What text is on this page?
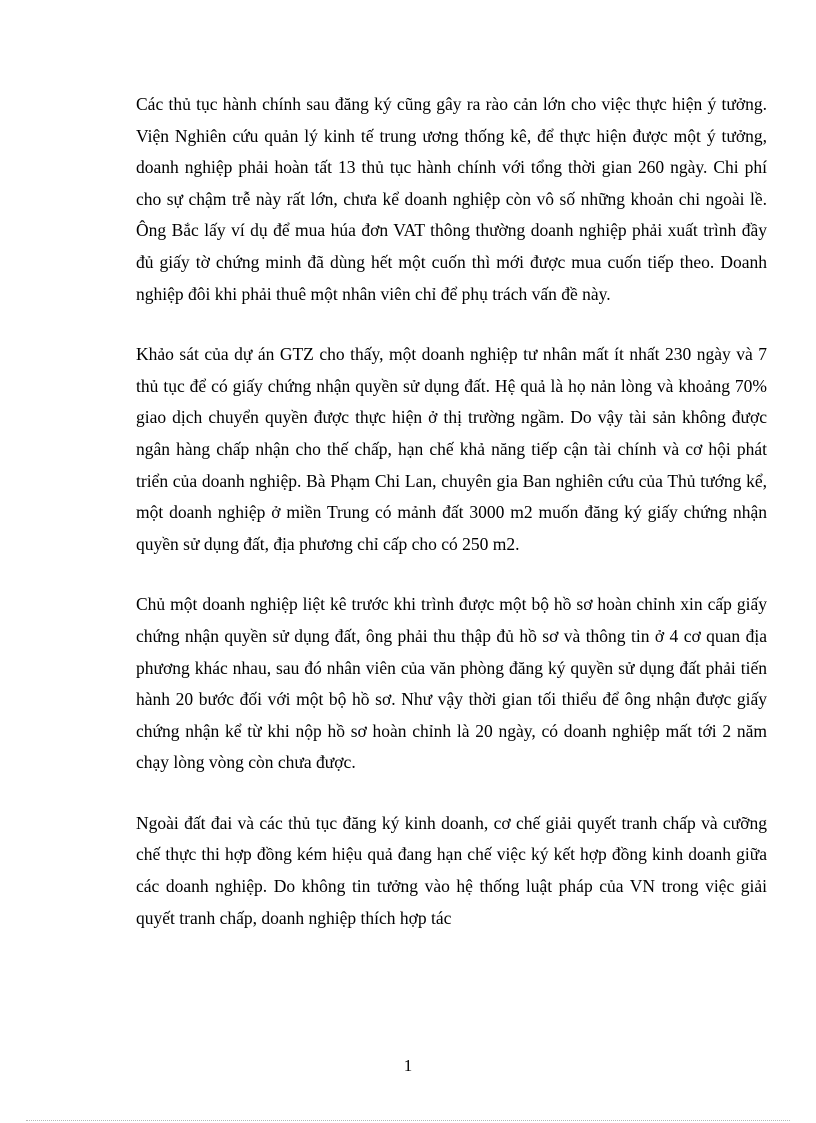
Các thủ tục hành chính sau đăng ký cũng gây ra rào cản lớn cho việc thực hiện ý tưởng. Viện Nghiên cứu quản lý kinh tế trung ương thống kê, để thực hiện được một ý tưởng, doanh nghiệp phải hoàn tất 13 thủ tục hành chính với tổng thời gian 260 ngày. Chi phí cho sự chậm trễ này rất lớn, chưa kể doanh nghiệp còn vô số những khoản chi ngoài lề. Ông Bắc lấy ví dụ để mua húa đơn VAT thông thường doanh nghiệp phải xuất trình đầy đủ giấy tờ chứng minh đã dùng hết một cuốn thì mới được mua cuốn tiếp theo. Doanh nghiệp đôi khi phải thuê một nhân viên chỉ để phụ trách vấn đề này.

Khảo sát của dự án GTZ cho thấy, một doanh nghiệp tư nhân mất ít nhất 230 ngày và 7 thủ tục để có giấy chứng nhận quyền sử dụng đất. Hệ quả là họ nản lòng và khoảng 70% giao dịch chuyển quyền được thực hiện ở thị trường ngầm. Do vậy tài sản không được ngân hàng chấp nhận cho thế chấp, hạn chế khả năng tiếp cận tài chính và cơ hội phát triển của doanh nghiệp. Bà Phạm Chi Lan, chuyên gia Ban nghiên cứu của Thủ tướng kể, một doanh nghiệp ở miền Trung có mảnh đất 3000 m2 muốn đăng ký giấy chứng nhận quyền sử dụng đất, địa phương chỉ cấp cho có 250 m2.

Chủ một doanh nghiệp liệt kê trước khi trình được một bộ hồ sơ hoàn chỉnh xin cấp giấy chứng nhận quyền sử dụng đất, ông phải thu thập đủ hồ sơ và thông tin ở 4 cơ quan địa phương khác nhau, sau đó nhân viên của văn phòng đăng ký quyền sử dụng đất phải tiến hành 20 bước đối với một bộ hồ sơ. Như vậy thời gian tối thiểu để ông nhận được giấy chứng nhận kể từ khi nộp hồ sơ hoàn chỉnh là 20 ngày, có doanh nghiệp mất tới 2 năm chạy lòng vòng còn chưa được.

Ngoài đất đai và các thủ tục đăng ký kinh doanh, cơ chế giải quyết tranh chấp và cưỡng chế thực thi hợp đồng kém hiệu quả đang hạn chế việc ký kết hợp đồng kinh doanh giữa các doanh nghiệp. Do không tin tưởng vào hệ thống luật pháp của VN trong việc giải quyết tranh chấp, doanh nghiệp thích hợp tác

1
